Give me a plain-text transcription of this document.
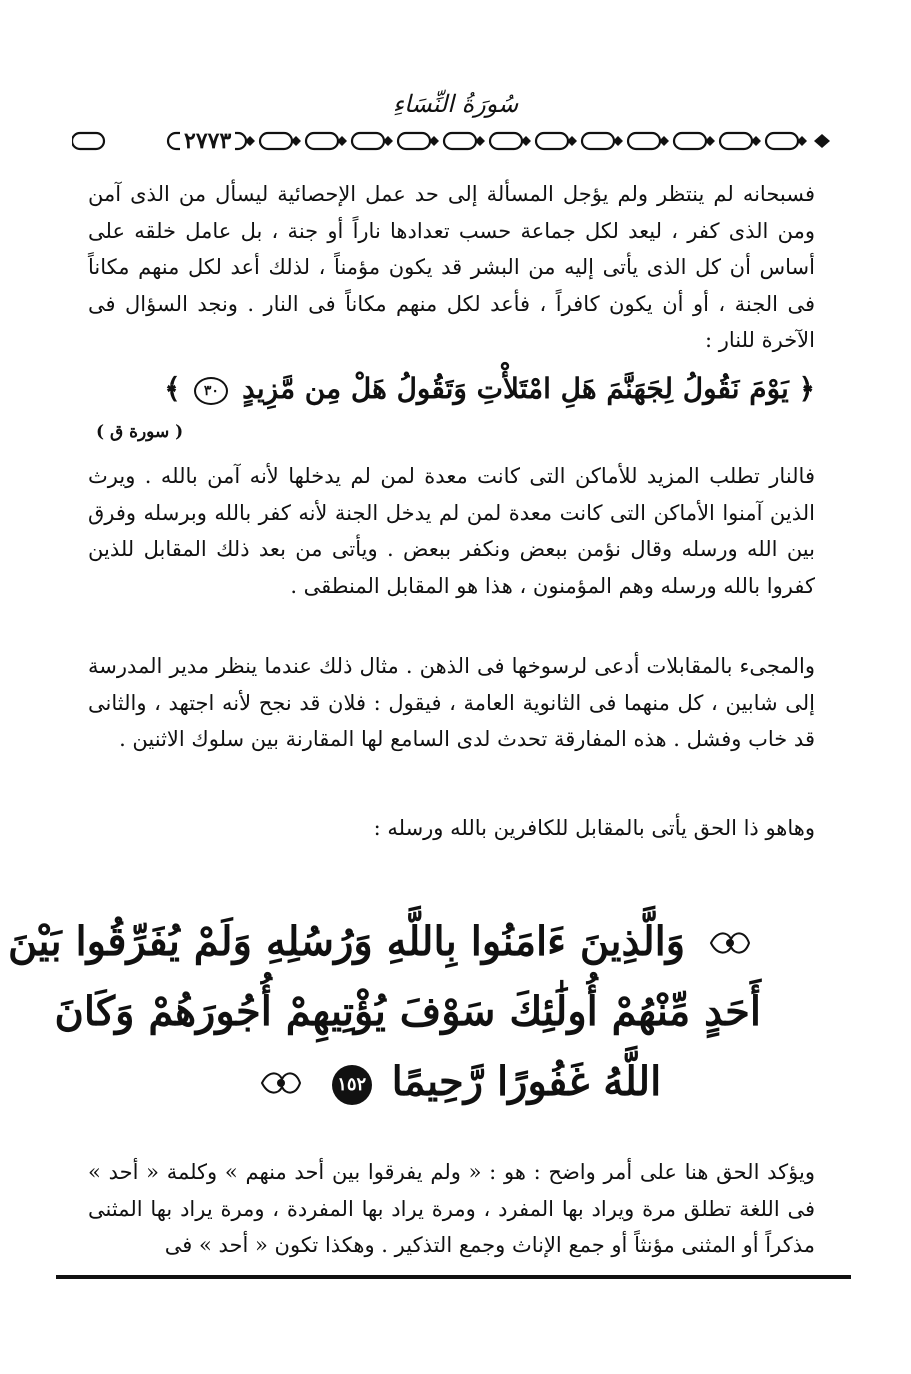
سُورَةُ النِّسَاءِ
٢٧٧٣

فسبحانه لم ينتظر ولم يؤجل المسألة إلى حد عمل الإحصائية ليسأل من الذى آمن ومن الذى كفر ، ليعد لكل جماعة حسب تعدادها ناراً أو جنة ، بل عامل خلقه على أساس أن كل الذى يأتى إليه من البشر قد يكون مؤمناً ، لذلك أعد لكل منهم مكاناً فى الجنة ، أو أن يكون كافراً ، فأعد لكل منهم مكاناً فى النار . ونجد السؤال فى الآخرة للنار :

﴿ يَوْمَ نَقُولُ لِجَهَنَّمَ هَلِ امْتَلأْتِ وَتَقُولُ هَلْ مِن مَّزِيدٍ ٣٠ ﴾
( سورة ق )

فالنار تطلب المزيد للأماكن التى كانت معدة لمن لم يدخلها لأنه آمن بالله . ويرث الذين آمنوا الأماكن التى كانت معدة لمن لم يدخل الجنة لأنه كفر بالله وبرسله وفرق بين الله ورسله وقال نؤمن ببعض ونكفر ببعض . ويأتى من بعد ذلك المقابل للذين كفروا بالله ورسله وهم المؤمنون ، هذا هو المقابل المنطقى .

والمجىء بالمقابلات أدعى لرسوخها فى الذهن . مثال ذلك عندما ينظر مدير المدرسة إلى شابين ، كل منهما فى الثانوية العامة ، فيقول : فلان قد نجح لأنه اجتهد ، والثانى قد خاب وفشل . هذه المفارقة تحدث لدى السامع لها المقارنة بين سلوك الاثنين .

وهاهو ذا الحق يأتى بالمقابل للكافرين بالله ورسله :

وَالَّذِينَ ءَامَنُوا بِاللَّهِ وَرُسُلِهِ وَلَمْ يُفَرِّقُوا بَيْنَ
أَحَدٍ مِّنْهُمْ أُولَٰئِكَ سَوْفَ يُؤْتِيهِمْ أُجُورَهُمْ وَكَانَ
اللَّهُ غَفُورًا رَّحِيمًا ١٥٢

ويؤكد الحق هنا على أمر واضح : هو : « ولم يفرقوا بين أحد منهم » وكلمة « أحد » فى اللغة تطلق مرة ويراد بها المفرد ، ومرة يراد بها المفردة ، ومرة يراد بها المثنى مذكراً أو المثنى مؤنثاً أو جمع الإناث وجمع التذكير . وهكذا تكون « أحد » فى
